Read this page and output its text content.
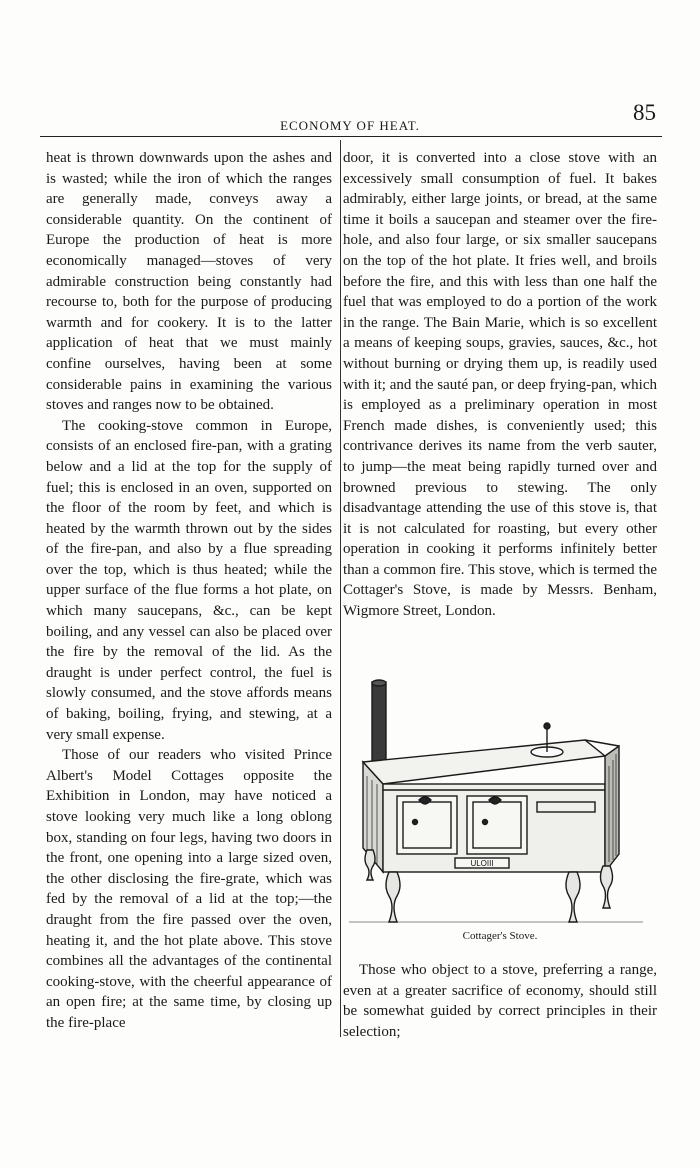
ECONOMY OF HEAT.
85

heat is thrown downwards upon the ashes and is wasted; while the iron of which the ranges are generally made, conveys away a considerable quantity. On the continent of Europe the production of heat is more economically managed—stoves of very admirable construction being constantly had recourse to, both for the purpose of producing warmth and for cookery. It is to the latter application of heat that we must mainly confine ourselves, having been at some considerable pains in examining the various stoves and ranges now to be obtained.

The cooking-stove common in Europe, consists of an enclosed fire-pan, with a grating below and a lid at the top for the supply of fuel; this is enclosed in an oven, supported on the floor of the room by feet, and which is heated by the warmth thrown out by the sides of the fire-pan, and also by a flue spreading over the top, which is thus heated; while the upper surface of the flue forms a hot plate, on which many saucepans, &c., can be kept boiling, and any vessel can also be placed over the fire by the removal of the lid. As the draught is under perfect control, the fuel is slowly consumed, and the stove affords means of baking, boiling, frying, and stewing, at a very small expense.

Those of our readers who visited Prince Albert's Model Cottages opposite the Exhibition in London, may have noticed a stove looking very much like a long oblong box, standing on four legs, having two doors in the front, one opening into a large sized oven, the other disclosing the fire-grate, which was fed by the removal of a lid at the top;—the draught from the fire passed over the oven, heating it, and the hot plate above. This stove combines all the advantages of the continental cooking-stove, with the cheerful appearance of an open fire; at the same time, by closing up the fire-place

door, it is converted into a close stove with an excessively small consumption of fuel. It bakes admirably, either large joints, or bread, at the same time it boils a saucepan and steamer over the fire-hole, and also four large, or six smaller saucepans on the top of the hot plate. It fries well, and broils before the fire, and this with less than one half the fuel that was employed to do a portion of the work in the range. The Bain Marie, which is so excellent a means of keeping soups, gravies, sauces, &c., hot without burning or drying them up, is readily used with it; and the sauté pan, or deep frying-pan, which is employed as a preliminary operation in most French made dishes, is conveniently used; this contrivance derives its name from the verb sauter, to jump—the meat being rapidly turned over and browned previous to stewing. The only disadvantage attending the use of this stove is, that it is not calculated for roasting, but every other operation in cooking it performs infinitely better than a common fire. This stove, which is termed the Cottager's Stove, is made by Messrs. Benham, Wigmore Street, London.

ULOIII
Cottager's Stove.

Those who object to a stove, preferring a range, even at a greater sacrifice of economy, should still be somewhat guided by correct principles in their selection;
